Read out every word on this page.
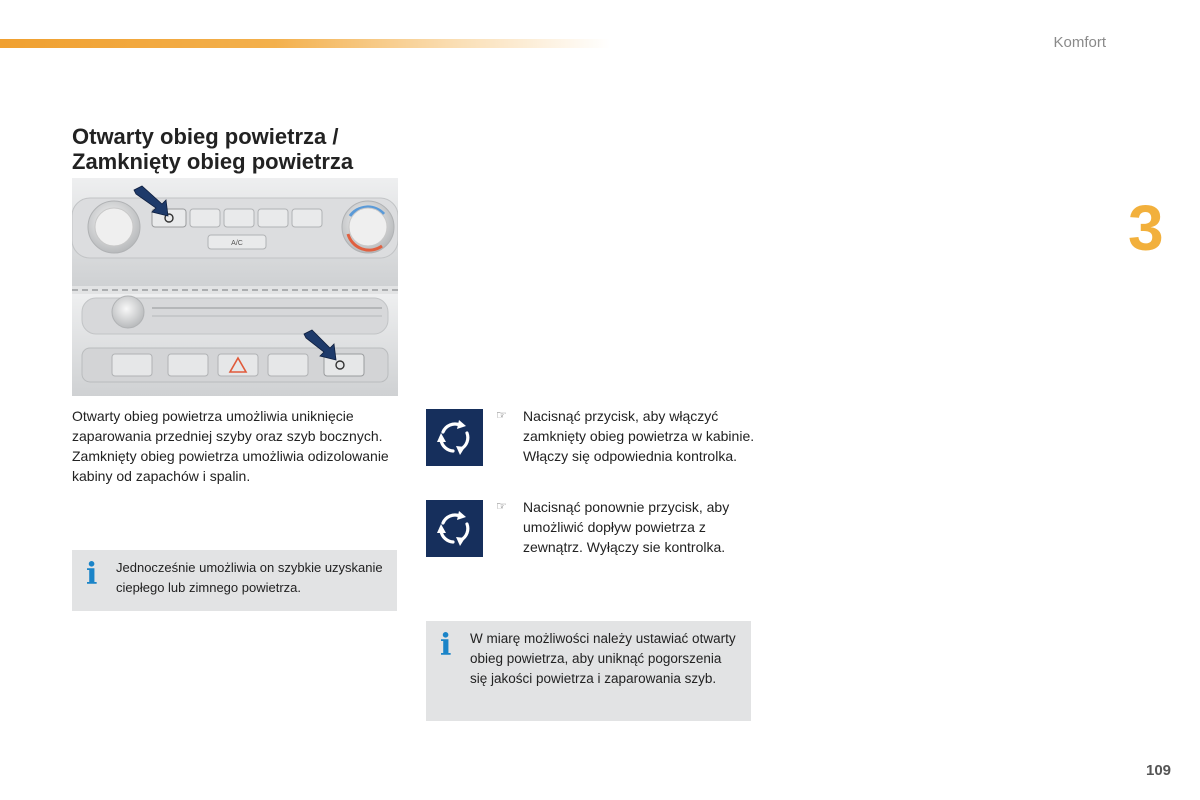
Komfort
3
Otwarty obieg powietrza /
Zamknięty obieg powietrza
A/C

Otwarty obieg powietrza umożliwia uniknięcie zaparowania przedniej szyby oraz szyb bocznych.

Zamknięty obieg powietrza umożliwia odizolowanie kabiny od zapachów i spalin.

i Jednocześnie umożliwia on szybkie uzyskanie ciepłego lub zimnego powietrza.
☞ Nacisnąć przycisk, aby włączyć zamknięty obieg powietrza w kabinie. Włączy się odpowiednia kontrolka.
☞ Nacisnąć ponownie przycisk, aby umożliwić dopływ powietrza z zewnątrz. Wyłączy sie kontrolka.
i W miarę możliwości należy ustawiać otwarty obieg powietrza, aby uniknąć pogorszenia się jakości powietrza i zaparowania szyb.
109
